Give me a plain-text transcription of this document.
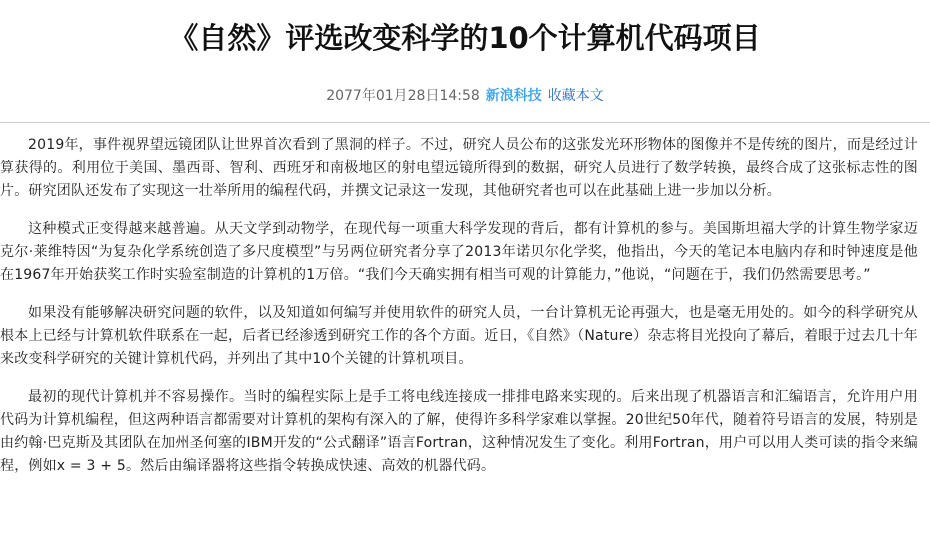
《自然》评选改变科学的10个计算机代码项目
2077年01月28日14:58 新浪科技 收藏本文

2019年，事件视界望远镜团队让世界首次看到了黑洞的样子。不过，研究人员公布的这张发光环形物体的图像并不是传统的图片，而是经过计算获得的。利用位于美国、墨西哥、智利、西班牙和南极地区的射电望远镜所得到的数据，研究人员进行了数学转换，最终合成了这张标志性的图片。研究团队还发布了实现这一壮举所用的编程代码，并撰文记录这一发现，其他研究者也可以在此基础上进一步加以分析。

这种模式正变得越来越普遍。从天文学到动物学，在现代每一项重大科学发现的背后，都有计算机的参与。美国斯坦福大学的计算生物学家迈克尔·莱维特因“为复杂化学系统创造了多尺度模型”与另两位研究者分享了2013年诺贝尔化学奖，他指出，今天的笔记本电脑内存和时钟速度是他在1967年开始获奖工作时实验室制造的计算机的1万倍。“我们今天确实拥有相当可观的计算能力，”他说，“问题在于，我们仍然需要思考。”

如果没有能够解决研究问题的软件，以及知道如何编写并使用软件的研究人员，一台计算机无论再强大，也是毫无用处的。如今的科学研究从根本上已经与计算机软件联系在一起，后者已经渗透到研究工作的各个方面。近日，《自然》（Nature）杂志将目光投向了幕后，着眼于过去几十年来改变科学研究的关键计算机代码，并列出了其中10个关键的计算机项目。

最初的现代计算机并不容易操作。当时的编程实际上是手工将电线连接成一排排电路来实现的。后来出现了机器语言和汇编语言，允许用户用代码为计算机编程，但这两种语言都需要对计算机的架构有深入的了解，使得许多科学家难以掌握。20世纪50年代，随着符号语言的发展，特别是由约翰·巴克斯及其团队在加州圣何塞的IBM开发的“公式翻译”语言Fortran，这种情况发生了变化。利用Fortran，用户可以用人类可读的指令来编程，例如x = 3 + 5。然后由编译器将这些指令转换成快速、高效的机器代码。
